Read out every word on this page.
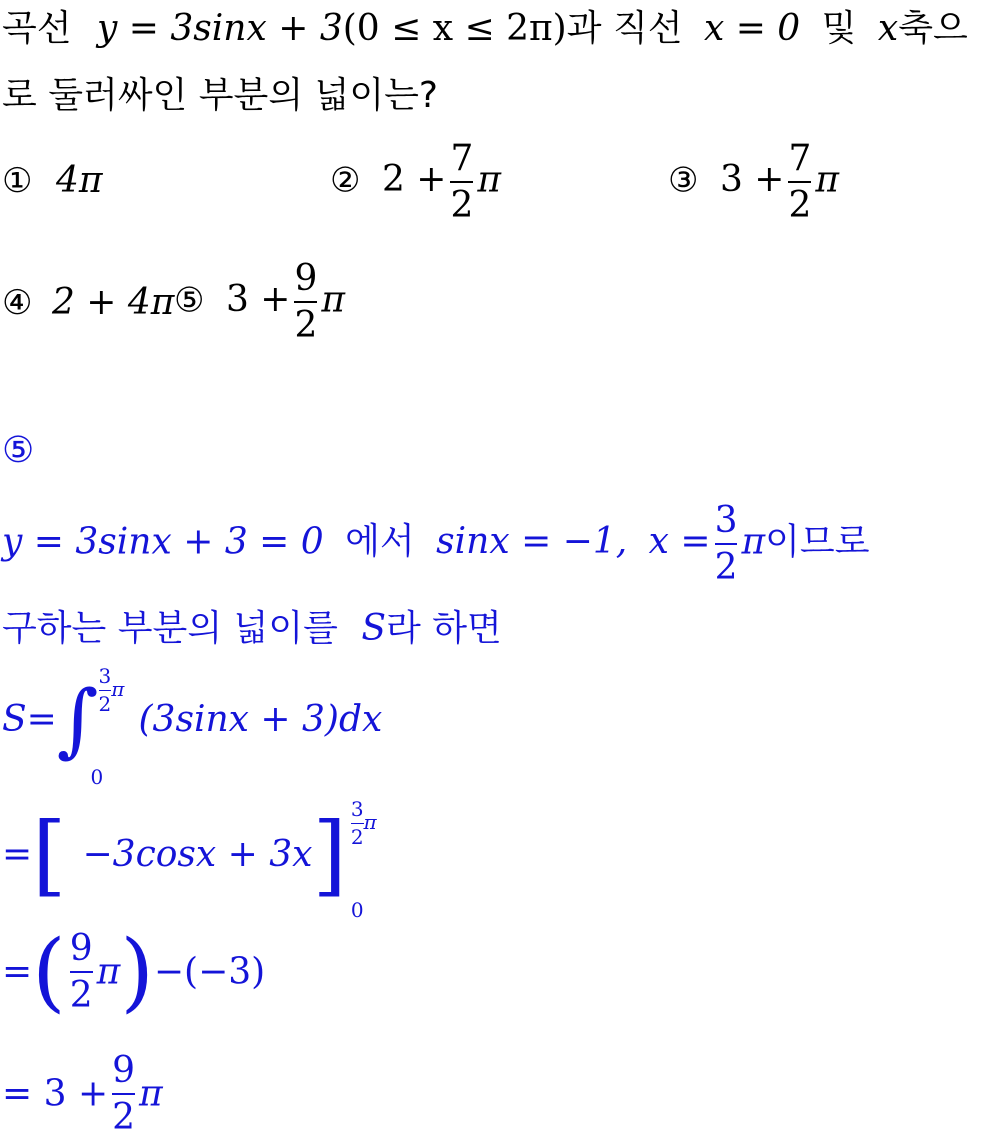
곡선 y = 3sinx + 3(0 ≤ x ≤ 2π)과 직선 x = 0 및 x축으
로 둘러싸인 부분의 넓이는?
① 4π	② $2 + \frac{7}{2}$ π	③ $3 + \frac{7}{2}$ π
④ 2 + 4π ⑤ $3 + \frac{9}{2}$ π
⑤
y = 3sinx + 3 = 0 에서 sinx = −1, $x = \frac{3}{2}$ π이므로
구하는 부분의 넓이를 S라 하면
$S=\int \frac{3}{2}$ π
0
(3sinx + 3)dx
=[ $-3\cos x + 3x] \frac{3}{2}$ π
0
=( $\frac{9}{2} \pi)-(-3)$
= $3 + \frac{9}{2}$ π
